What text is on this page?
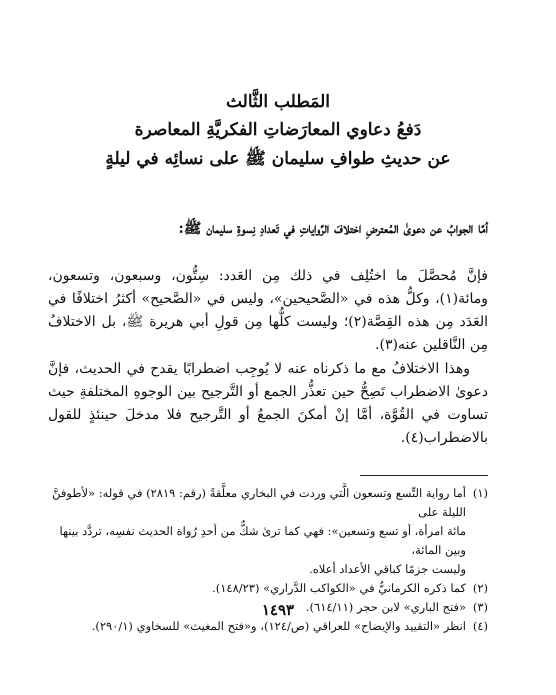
المَطلب الثَّالث
دَفعُ دعاوي المعارَضاتِ الفكريَّةِ المعاصرة
عن حديثِ طوافِ سليمان ﷺ على نسائِه في ليلةٍ
أمَّا الجوابُ عن دعوىٰ المُعترضِ اختلافَ الرِّواياتِ في تَعدادِ نِسوةِ سليمان ﷺ:

فإنَّ مُحصَّلَ ما اختُلِف في ذلك مِن العَدد: سِتُّون، وسبعون، وتسعون، ومائة(١)، وكلُّ هذه في «الصَّحيحين»، وليس في «الصَّحيح» أكثرُ اختلافًا في العَدَد مِن هذه القِصَّة(٢)؛ وليست كلُّها مِن قولِ أبي هريرة ﷺ، بل الاختلافُ مِن النَّاقلين عنه(٣).

وهذا الاختلافُ مع ما ذكرناه عنه لا يُوجِب اضطرابًا يقدح في الحديث، فإنَّ دعوىٰ الاضطراب تَصِحُّ حين تعذُّر الجمع أو التَّرجيح بين الوجوهِ المختلفةِ حيث تساوت في القُوَّة، أمَّا إنْ أمكنَ الجمعُ أو التَّرجيح فلا مدخلَ حينئذٍ للقول بالاضطراب(٤).

(١)
أما رواية التِّسع وتسعون الَّتي وردت في البخاري معلَّقةً (رقم: ٢٨١٩) في قوله: «لأطوفنَّ الليلة على
مائة امرأة، أو تسع وتسعين»: فهي كما ترىٰ شكٌّ من أحدِ رُواة الحديث نفسِه، تردَّد بينها وبين المائة،
وليست جزمًا كباقي الأعداد أعلاه.
(٢)
كما ذكره الكرمانيُّ في «الكواكب الدَّراري» (١٤٨/٢٣).
(٣)
«فتح الباري» لابن حجر (٦١٤/١١).
(٤)
انظر «التقييد والإيضاح» للعراقي (ص/١٢٤)، و«فتح المغيث» للسخاوي (٢٩٠/١).
١٤٩٣
